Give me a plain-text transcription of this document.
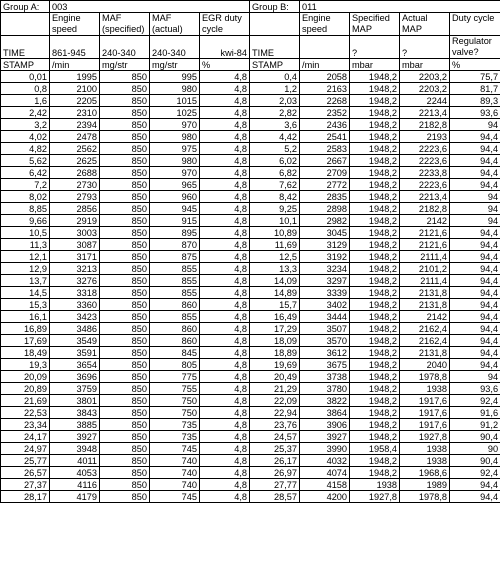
Group A:	003				Group B:	011			
	Engine speed	MAF (specified)	MAF (actual)	EGR duty cycle		Engine speed	Specified MAP	Actual MAP	Duty cycle
TIME	861-945	240-340	240-340	kwi-84	TIME		?	?	Regulator valve?
STAMP	/min	mg/str	mg/str	%	STAMP	/min	mbar	mbar	%
0,01	1995	850	995	4,8	0,4	2058	1948,2	2203,2	75,7
0,8	2100	850	980	4,8	1,2	2163	1948,2	2203,2	81,7
1,6	2205	850	1015	4,8	2,03	2268	1948,2	2244	89,3
2,42	2310	850	1025	4,8	2,82	2352	1948,2	2213,4	93,6
3,2	2394	850	970	4,8	3,6	2436	1948,2	2182,8	94
4,02	2478	850	980	4,8	4,42	2541	1948,2	2193	94,4
4,82	2562	850	975	4,8	5,2	2583	1948,2	2223,6	94,4
5,62	2625	850	980	4,8	6,02	2667	1948,2	2223,6	94,4
6,42	2688	850	970	4,8	6,82	2709	1948,2	2233,8	94,4
7,2	2730	850	965	4,8	7,62	2772	1948,2	2223,6	94,4
8,02	2793	850	960	4,8	8,42	2835	1948,2	2213,4	94
8,85	2856	850	945	4,8	9,25	2898	1948,2	2182,8	94
9,66	2919	850	915	4,8	10,1	2982	1948,2	2142	94
10,5	3003	850	895	4,8	10,89	3045	1948,2	2121,6	94,4
11,3	3087	850	870	4,8	11,69	3129	1948,2	2121,6	94,4
12,1	3171	850	875	4,8	12,5	3192	1948,2	2111,4	94,4
12,9	3213	850	855	4,8	13,3	3234	1948,2	2101,2	94,4
13,7	3276	850	855	4,8	14,09	3297	1948,2	2111,4	94,4
14,5	3318	850	855	4,8	14,89	3339	1948,2	2131,8	94,4
15,3	3360	850	860	4,8	15,7	3402	1948,2	2131,8	94,4
16,1	3423	850	855	4,8	16,49	3444	1948,2	2142	94,4
16,89	3486	850	860	4,8	17,29	3507	1948,2	2162,4	94,4
17,69	3549	850	860	4,8	18,09	3570	1948,2	2162,4	94,4
18,49	3591	850	845	4,8	18,89	3612	1948,2	2131,8	94,4
19,3	3654	850	805	4,8	19,69	3675	1948,2	2040	94,4
20,09	3696	850	775	4,8	20,49	3738	1948,2	1978,8	94
20,89	3759	850	755	4,8	21,29	3780	1948,2	1938	93,6
21,69	3801	850	750	4,8	22,09	3822	1948,2	1917,6	92,4
22,53	3843	850	750	4,8	22,94	3864	1948,2	1917,6	91,6
23,34	3885	850	735	4,8	23,76	3906	1948,2	1917,6	91,2
24,17	3927	850	735	4,8	24,57	3927	1948,2	1927,8	90,4
24,97	3948	850	745	4,8	25,37	3990	1958,4	1938	90
25,77	4011	850	740	4,8	26,17	4032	1948,2	1938	90,4
26,57	4053	850	740	4,8	26,97	4074	1948,2	1968,6	92,4
27,37	4116	850	740	4,8	27,77	4158	1938	1989	94,4
28,17	4179	850	745	4,8	28,57	4200	1927,8	1978,8	94,4
